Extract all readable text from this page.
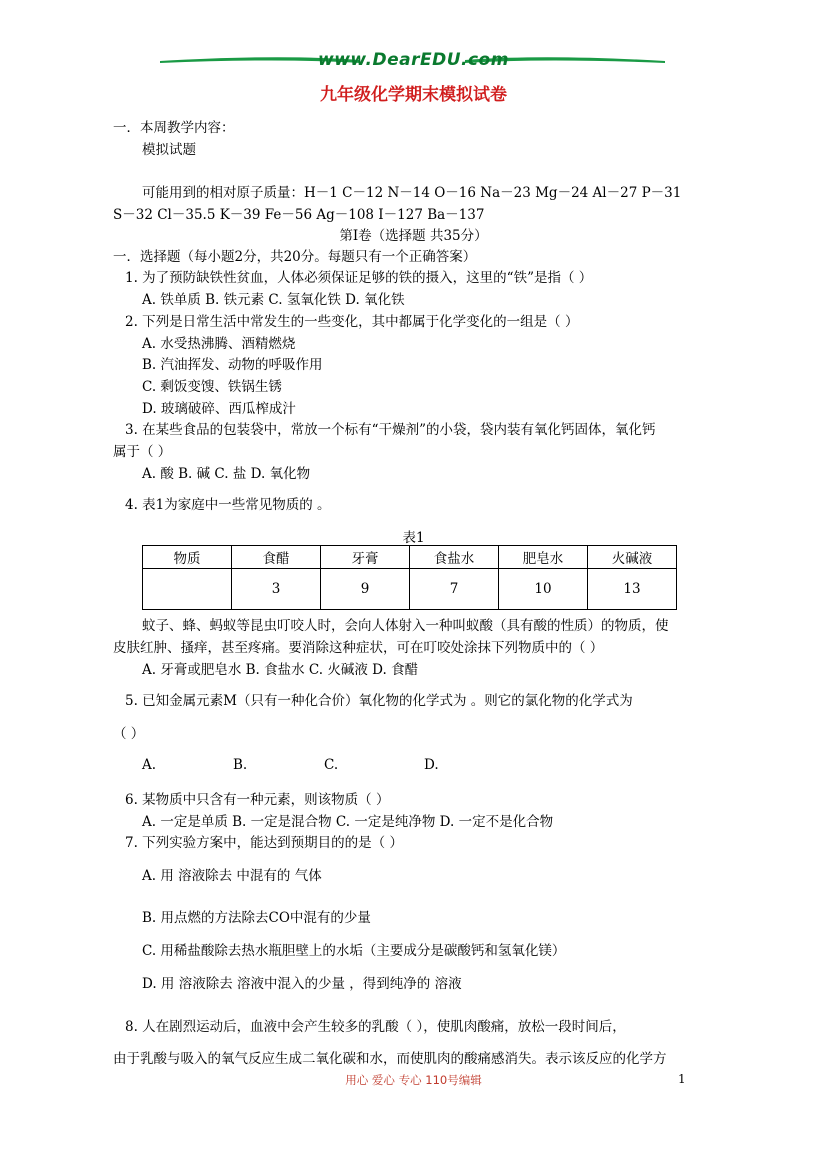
www.DearEDU.com
九年级化学期末模拟试卷
一．本周教学内容：
模拟试题
可能用到的相对原子质量：H－1 C－12 N－14 O－16 Na－23 Mg－24 Al－27 P－31
S－32 Cl－35.5 K－39 Fe－56 Ag－108 I－127 Ba－137
第Ⅰ卷（选择题 共35分）
一．选择题（每小题2分，共20分。每题只有一个正确答案）
1. 为了预防缺铁性贫血，人体必须保证足够的铁的摄入，这里的“铁”是指（ ）
A. 铁单质 B. 铁元素 C. 氢氧化铁 D. 氧化铁
2. 下列是日常生活中常发生的一些变化，其中都属于化学变化的一组是（ ）
A. 水受热沸腾、酒精燃烧
B. 汽油挥发、动物的呼吸作用
C. 剩饭变馊、铁锅生锈
D. 玻璃破碎、西瓜榨成汁
3. 在某些食品的包装袋中，常放一个标有“干燥剂”的小袋，袋内装有氧化钙固体，氧化钙
属于（ ）
A. 酸 B. 碱 C. 盐 D. 氧化物
4. 表1为家庭中一些常见物质的 。
表1
物质	食醋	牙膏	食盐水	肥皂水	火碱液
	3	9	7	10	13
蚊子、蜂、蚂蚁等昆虫叮咬人时，会向人体射入一种叫蚁酸（具有酸的性质）的物质，使
皮肤红肿、搔痒，甚至疼痛。要消除这种症状，可在叮咬处涂抹下列物质中的（ ）
A. 牙膏或肥皂水 B. 食盐水 C. 火碱液 D. 食醋
5. 已知金属元素M（只有一种化合价）氧化物的化学式为 。则它的氯化物的化学式为
（ ）
A.	B.	C.	D.
6. 某物质中只含有一种元素，则该物质（ ）
A. 一定是单质 B. 一定是混合物 C. 一定是纯净物 D. 一定不是化合物
7. 下列实验方案中，能达到预期目的的是（ ）
A. 用 溶液除去 中混有的 气体
B. 用点燃的方法除去CO中混有的少量
C. 用稀盐酸除去热水瓶胆壁上的水垢（主要成分是碳酸钙和氢氧化镁）
D. 用 溶液除去 溶液中混入的少量 ，得到纯净的 溶液
8. 人在剧烈运动后，血液中会产生较多的乳酸（ ），使肌肉酸痛，放松一段时间后，
由于乳酸与吸入的氧气反应生成二氧化碳和水，而使肌肉的酸痛感消失。表示该反应的化学方
用心 爱心 专心 110号编辑	1
